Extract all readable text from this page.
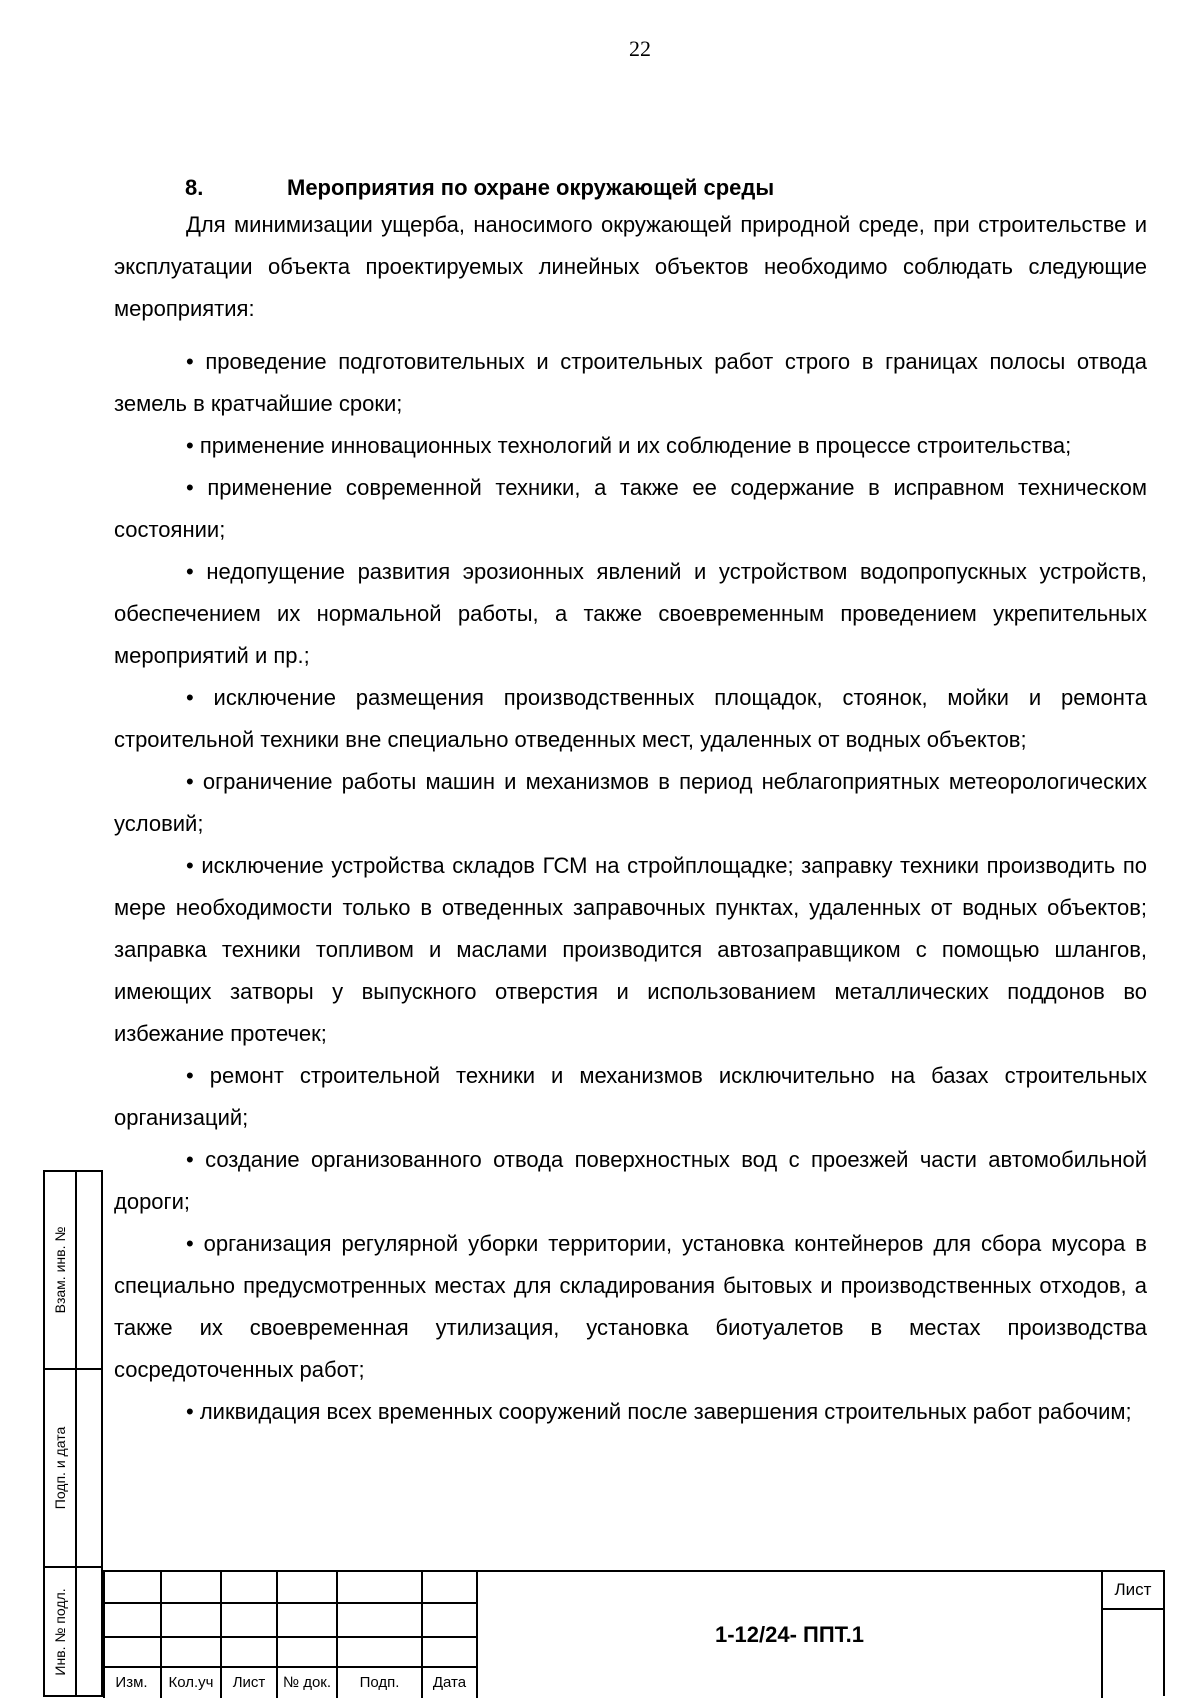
22
8.	Мероприятия по охране окружающей среды

Для минимизации ущерба, наносимого окружающей природной среде, при строительстве и эксплуатации объекта проектируемых линейных объектов необходимо соблюдать следующие мероприятия:

• проведение подготовительных и строительных работ строго в границах полосы отвода земель в кратчайшие сроки;

• применение инновационных технологий и их соблюдение в процессе строительства;

• применение современной техники, а также ее содержание в исправном техническом состоянии;

• недопущение развития эрозионных явлений и устройством водопропускных устройств, обеспечением их нормальной работы, а также своевременным проведением укрепительных мероприятий и пр.;

• исключение размещения производственных площадок, стоянок, мойки и ремонта строительной техники вне специально отведенных мест, удаленных от водных объектов;

• ограничение работы машин и механизмов в период неблагоприятных метеорологических условий;

• исключение устройства складов ГСМ на стройплощадке; заправку техники производить по мере необходимости только в отведенных заправочных пунктах, удаленных от водных объектов; заправка техники топливом и маслами производится автозаправщиком с помощью шлангов, имеющих затворы у выпускного отверстия и использованием металлических поддонов во избежание протечек;

• ремонт строительной техники и механизмов исключительно на базах строительных организаций;

• создание организованного отвода поверхностных вод с проезжей части автомобильной дороги;

• организация регулярной уборки территории, установка контейнеров для сбора мусора в специально предусмотренных местах для складирования бытовых и производственных отходов, а также их своевременная утилизация, установка биотуалетов в местах производства сосредоточенных работ;

• ликвидация всех временных сооружений после завершения строительных работ рабочим;

Взам. инв. №
Подп. и дата
Инв. № подл.
Изм.	Кол.уч	Лист	№ док.	Подп.	Дата
1-12/24- ППТ.1
Лист
